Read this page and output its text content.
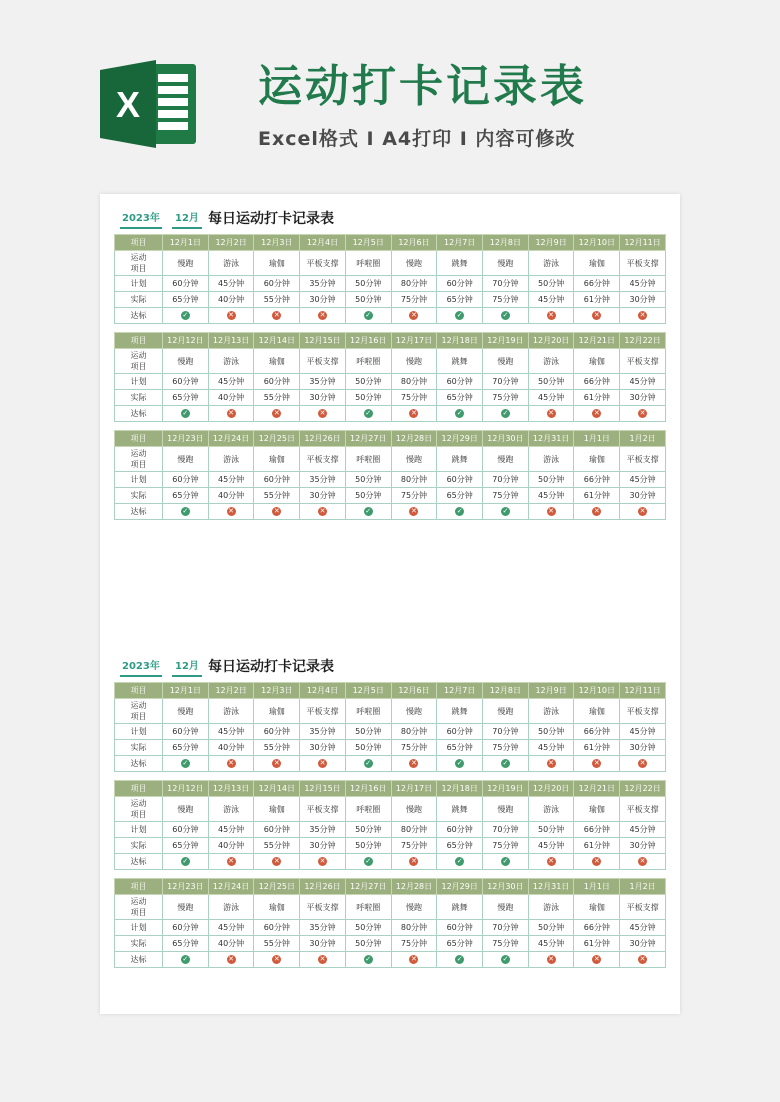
X	运动打卡记录表
Excel格式 Ⅰ A4打印 Ⅰ 内容可修改
2023年	12月 每日运动打卡记录表
项目	12月1日	12月2日	12月3日	12月4日	12月5日	12月6日	12月7日	12月8日	12月9日	12月10日	12月11日

运动
项目	慢跑	游泳	瑜伽	平板支撑	呼啦圈	慢跑	跳舞	慢跑	游泳	瑜伽	平板支撑
计划	60分钟	45分钟	60分钟	35分钟	50分钟	80分钟	60分钟	70分钟	50分钟	66分钟	45分钟
实际	65分钟	40分钟	55分钟	30分钟	50分钟	75分钟	65分钟	75分钟	45分钟	61分钟	30分钟
达标	✓	✕	✕	✕	✓	✕	✓	✓	✕	✕	✕
项目	12月12日	12月13日	12月14日	12月15日	12月16日	12月17日	12月18日	12月19日	12月20日	12月21日	12月22日

运动
项目	慢跑	游泳	瑜伽	平板支撑	呼啦圈	慢跑	跳舞	慢跑	游泳	瑜伽	平板支撑
计划	60分钟	45分钟	60分钟	35分钟	50分钟	80分钟	60分钟	70分钟	50分钟	66分钟	45分钟
实际	65分钟	40分钟	55分钟	30分钟	50分钟	75分钟	65分钟	75分钟	45分钟	61分钟	30分钟
达标	✓	✕	✕	✕	✓	✕	✓	✓	✕	✕	✕
项目	12月23日	12月24日	12月25日	12月26日	12月27日	12月28日	12月29日	12月30日	12月31日	1月1日	1月2日

运动
项目	慢跑	游泳	瑜伽	平板支撑	呼啦圈	慢跑	跳舞	慢跑	游泳	瑜伽	平板支撑
计划	60分钟	45分钟	60分钟	35分钟	50分钟	80分钟	60分钟	70分钟	50分钟	66分钟	45分钟
实际	65分钟	40分钟	55分钟	30分钟	50分钟	75分钟	65分钟	75分钟	45分钟	61分钟	30分钟
达标	✓	✕	✕	✕	✓	✕	✓	✓	✕	✕	✕
2023年	12月 每日运动打卡记录表
项目	12月1日	12月2日	12月3日	12月4日	12月5日	12月6日	12月7日	12月8日	12月9日	12月10日	12月11日

运动
项目	慢跑	游泳	瑜伽	平板支撑	呼啦圈	慢跑	跳舞	慢跑	游泳	瑜伽	平板支撑
计划	60分钟	45分钟	60分钟	35分钟	50分钟	80分钟	60分钟	70分钟	50分钟	66分钟	45分钟
实际	65分钟	40分钟	55分钟	30分钟	50分钟	75分钟	65分钟	75分钟	45分钟	61分钟	30分钟
达标	✓	✕	✕	✕	✓	✕	✓	✓	✕	✕	✕
项目	12月12日	12月13日	12月14日	12月15日	12月16日	12月17日	12月18日	12月19日	12月20日	12月21日	12月22日

运动
项目	慢跑	游泳	瑜伽	平板支撑	呼啦圈	慢跑	跳舞	慢跑	游泳	瑜伽	平板支撑
计划	60分钟	45分钟	60分钟	35分钟	50分钟	80分钟	60分钟	70分钟	50分钟	66分钟	45分钟
实际	65分钟	40分钟	55分钟	30分钟	50分钟	75分钟	65分钟	75分钟	45分钟	61分钟	30分钟
达标	✓	✕	✕	✕	✓	✕	✓	✓	✕	✕	✕
项目	12月23日	12月24日	12月25日	12月26日	12月27日	12月28日	12月29日	12月30日	12月31日	1月1日	1月2日

运动
项目	慢跑	游泳	瑜伽	平板支撑	呼啦圈	慢跑	跳舞	慢跑	游泳	瑜伽	平板支撑
计划	60分钟	45分钟	60分钟	35分钟	50分钟	80分钟	60分钟	70分钟	50分钟	66分钟	45分钟
实际	65分钟	40分钟	55分钟	30分钟	50分钟	75分钟	65分钟	75分钟	45分钟	61分钟	30分钟
达标	✓	✕	✕	✕	✓	✕	✓	✓	✕	✕	✕
